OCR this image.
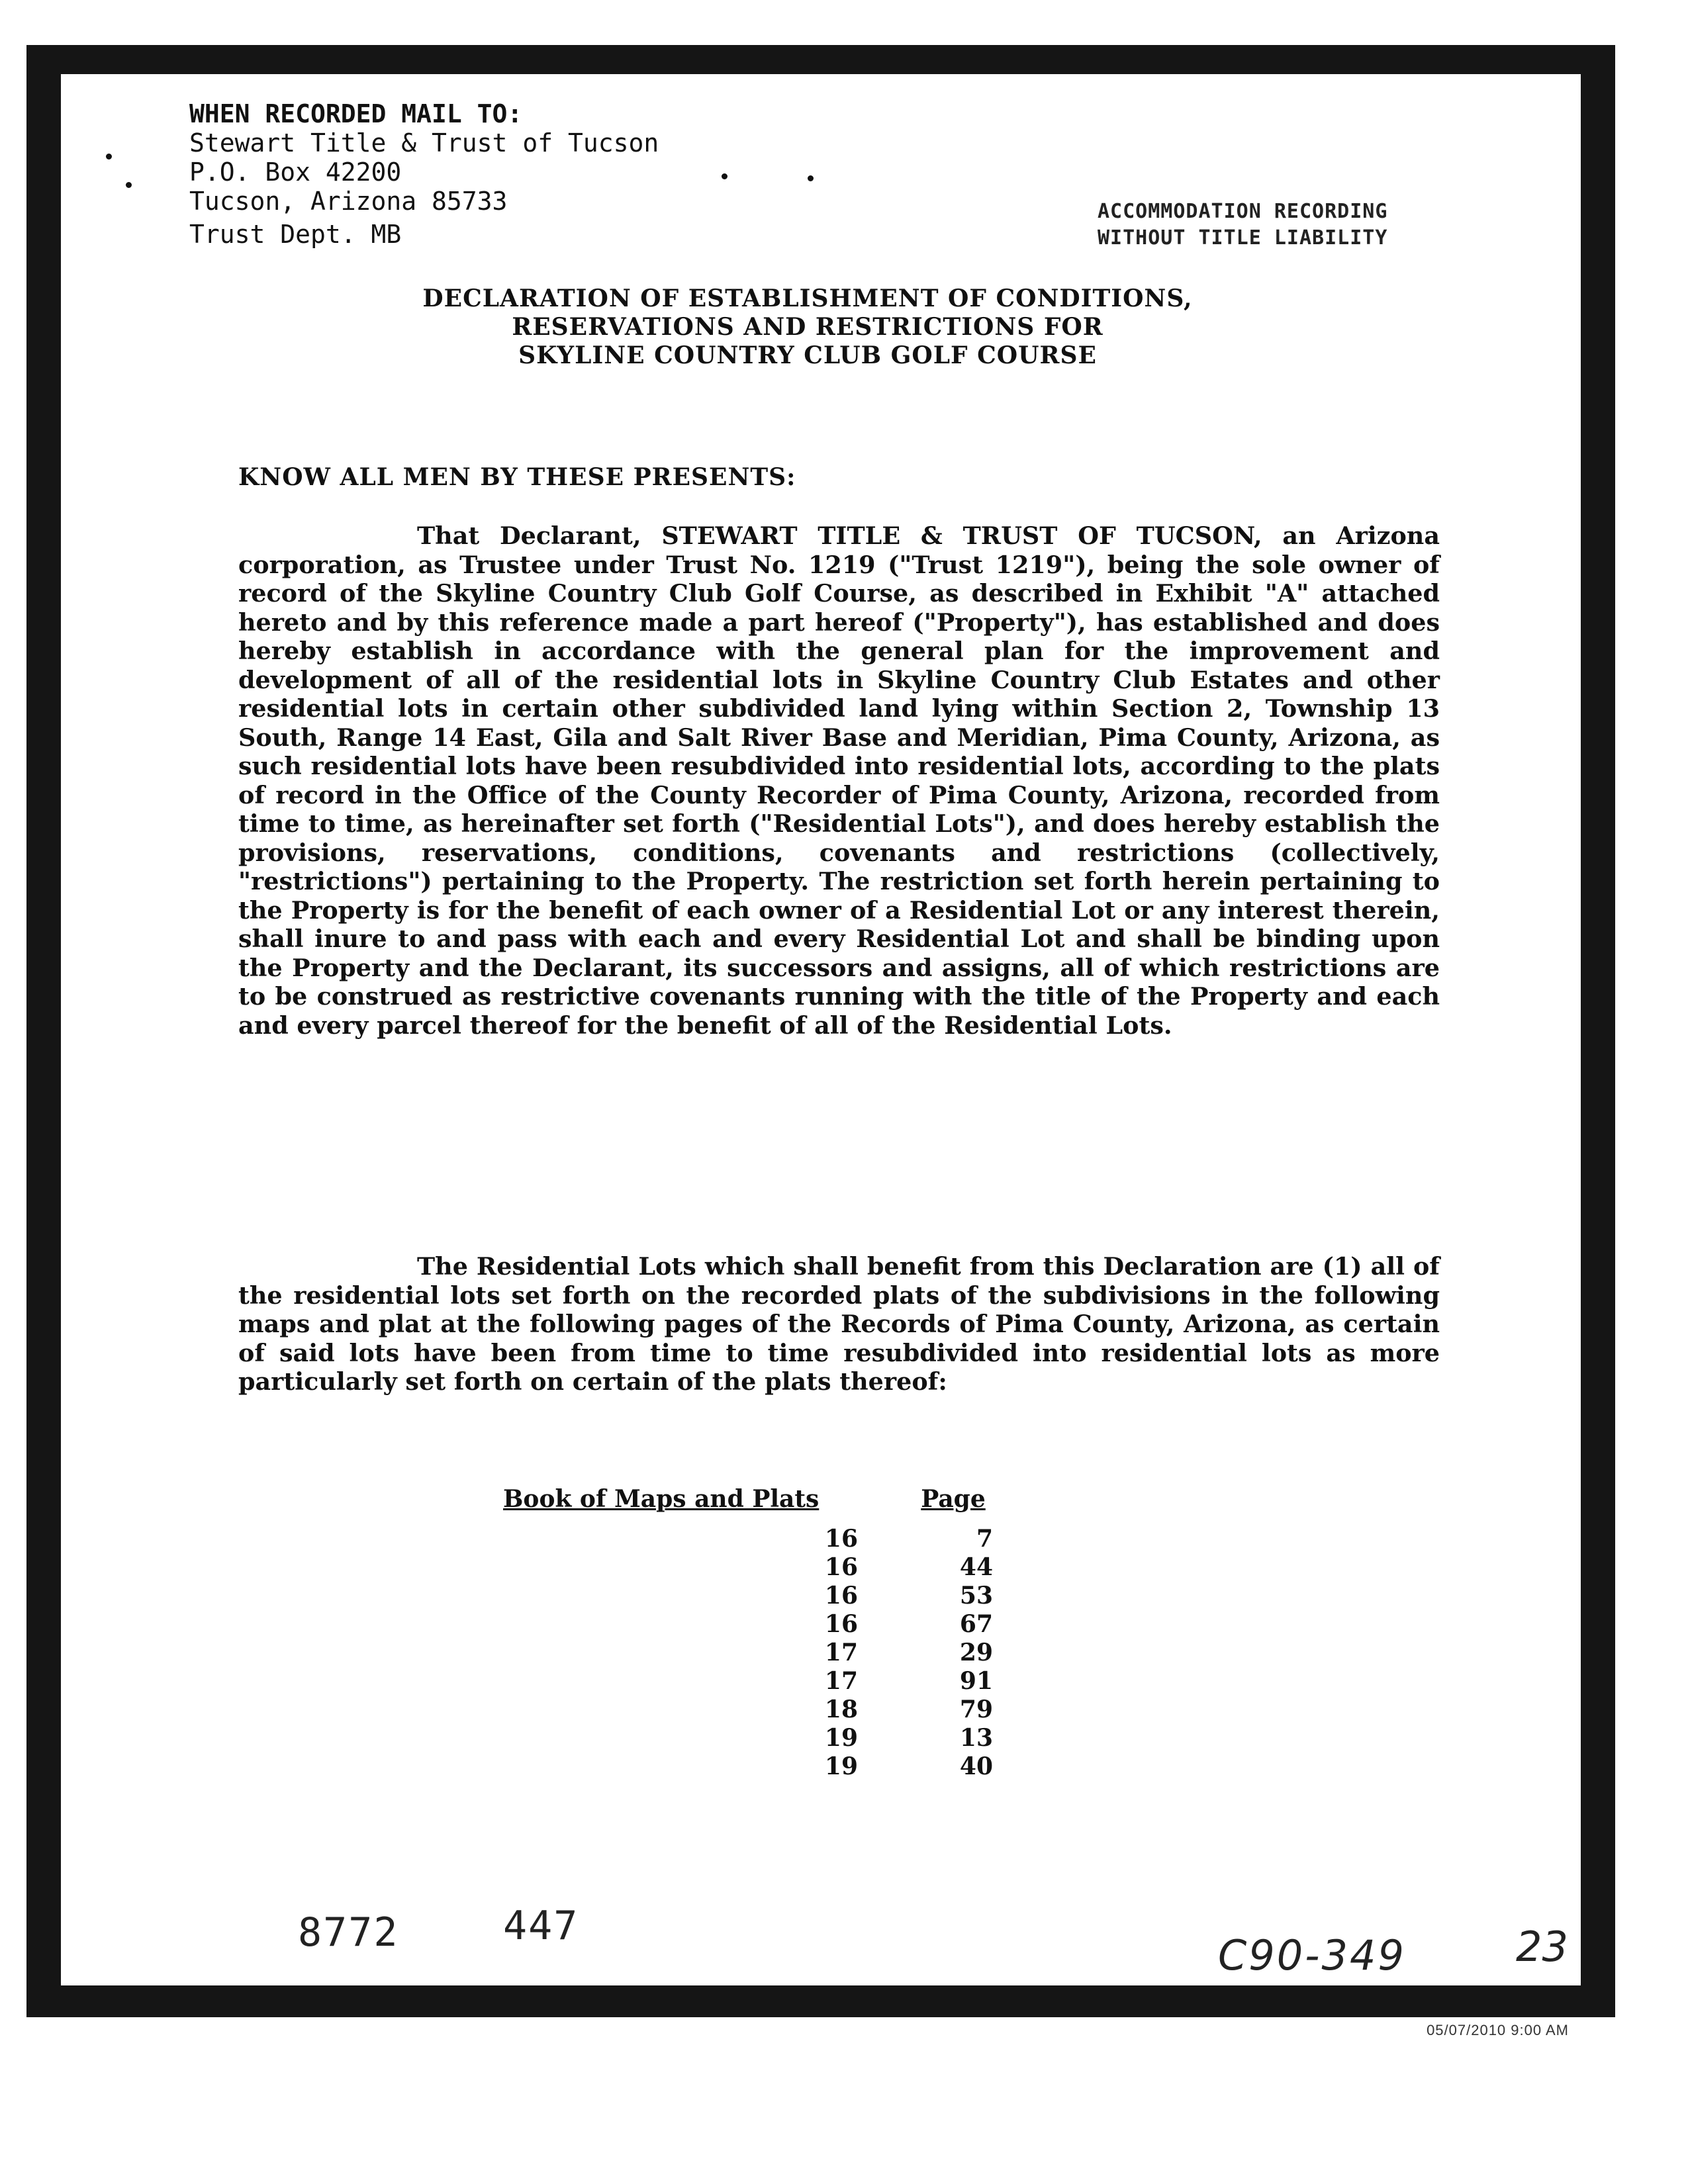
WHEN RECORDED MAIL TO:
Stewart Title & Trust of Tucson
P.O. Box 42200
Tucson, Arizona 85733
Trust Dept. MB
ACCOMMODATION RECORDING
WITHOUT TITLE LIABILITY
DECLARATION OF ESTABLISHMENT OF CONDITIONS,
RESERVATIONS AND RESTRICTIONS FOR
SKYLINE COUNTRY CLUB GOLF COURSE
KNOW ALL MEN BY THESE PRESENTS:

That Declarant, STEWART TITLE & TRUST OF TUCSON, an Arizona corporation, as Trustee under Trust No. 1219 ("Trust 1219"), being the sole owner of record of the Skyline Country Club Golf Course, as described in Exhibit "A" attached hereto and by this reference made a part hereof ("Property"), has established and does hereby establish in accordance with the general plan for the improvement and development of all of the residential lots in Skyline Country Club Estates and other residential lots in certain other subdivided land lying within Section 2, Township 13 South, Range 14 East, Gila and Salt River Base and Meridian, Pima County, Arizona, as such residential lots have been resubdivided into residential lots, according to the plats of record in the Office of the County Recorder of Pima County, Arizona, recorded from time to time, as hereinafter set forth ("Residential Lots"), and does hereby establish the provisions, reservations, conditions, covenants and restrictions (collectively, "restrictions") pertaining to the Property. The restriction set forth herein pertaining to the Property is for the benefit of each owner of a Residential Lot or any interest therein, shall inure to and pass with each and every Residential Lot and shall be binding upon the Property and the Declarant, its successors and assigns, all of which restrictions are to be construed as restrictive covenants running with the title of the Property and each and every parcel thereof for the benefit of all of the Residential Lots.

The Residential Lots which shall benefit from this Declaration are (1) all of the residential lots set forth on the recorded plats of the subdivisions in the following maps and plat at the following pages of the Records of Pima County, Arizona, as certain of said lots have been from time to time resubdivided into residential lots as more particularly set forth on certain of the plats thereof:

Book of Maps and Plats	Page
16	7
16	44
16	53
16	67
17	29
17	91
18	79
19	13
19	40
8772	447
C90-349	23
05/07/2010 9:00 AM
